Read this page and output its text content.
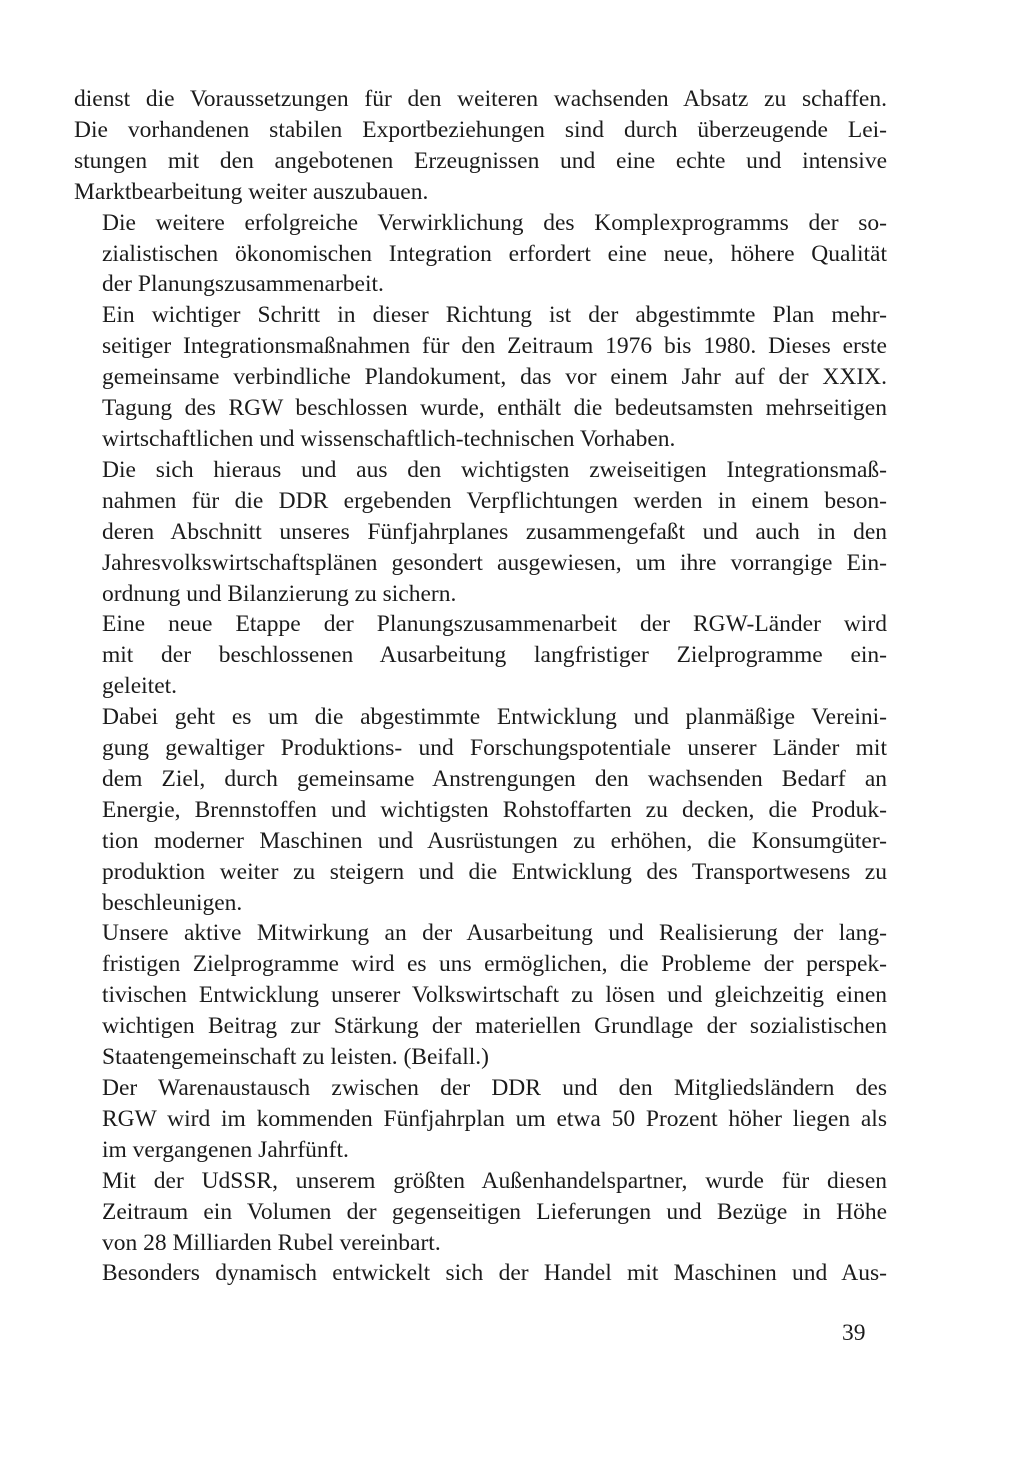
dienst die Voraussetzungen für den weiteren wachsenden Absatz zu schaffen.
Die vorhandenen stabilen Exportbeziehungen sind durch überzeugende Lei-
stungen mit den angebotenen Erzeugnissen und eine echte und intensive
Marktbearbeitung weiter auszubauen.

Die weitere erfolgreiche Verwirklichung des Komplexprogramms der so-
zialistischen ökonomischen Integration erfordert eine neue, höhere Qualität
der Planungszusammenarbeit.

Ein wichtiger Schritt in dieser Richtung ist der abgestimmte Plan mehr-
seitiger Integrationsmaßnahmen für den Zeitraum 1976 bis 1980. Dieses erste
gemeinsame verbindliche Plandokument, das vor einem Jahr auf der XXIX.
Tagung des RGW beschlossen wurde, enthält die bedeutsamsten mehrseitigen
wirtschaftlichen und wissenschaftlich-technischen Vorhaben.

Die sich hieraus und aus den wichtigsten zweiseitigen Integrationsmaß-
nahmen für die DDR ergebenden Verpflichtungen werden in einem beson-
deren Abschnitt unseres Fünfjahrplanes zusammengefaßt und auch in den
Jahresvolkswirtschaftsplänen gesondert ausgewiesen, um ihre vorrangige Ein-
ordnung und Bilanzierung zu sichern.

Eine neue Etappe der Planungszusammenarbeit der RGW-Länder wird
mit der beschlossenen Ausarbeitung langfristiger Zielprogramme ein-
geleitet.

Dabei geht es um die abgestimmte Entwicklung und planmäßige Vereini-
gung gewaltiger Produktions- und Forschungspotentiale unserer Länder mit
dem Ziel, durch gemeinsame Anstrengungen den wachsenden Bedarf an
Energie, Brennstoffen und wichtigsten Rohstoffarten zu decken, die Produk-
tion moderner Maschinen und Ausrüstungen zu erhöhen, die Konsumgüter-
produktion weiter zu steigern und die Entwicklung des Transportwesens zu
beschleunigen.

Unsere aktive Mitwirkung an der Ausarbeitung und Realisierung der lang-
fristigen Zielprogramme wird es uns ermöglichen, die Probleme der perspek-
tivischen Entwicklung unserer Volkswirtschaft zu lösen und gleichzeitig einen
wichtigen Beitrag zur Stärkung der materiellen Grundlage der sozialistischen
Staatengemeinschaft zu leisten. (Beifall.)

Der Warenaustausch zwischen der DDR und den Mitgliedsländern des
RGW wird im kommenden Fünfjahrplan um etwa 50 Prozent höher liegen als
im vergangenen Jahrfünft.

Mit der UdSSR, unserem größten Außenhandelspartner, wurde für diesen
Zeitraum ein Volumen der gegenseitigen Lieferungen und Bezüge in Höhe
von 28 Milliarden Rubel vereinbart.

Besonders dynamisch entwickelt sich der Handel mit Maschinen und Aus-

39
